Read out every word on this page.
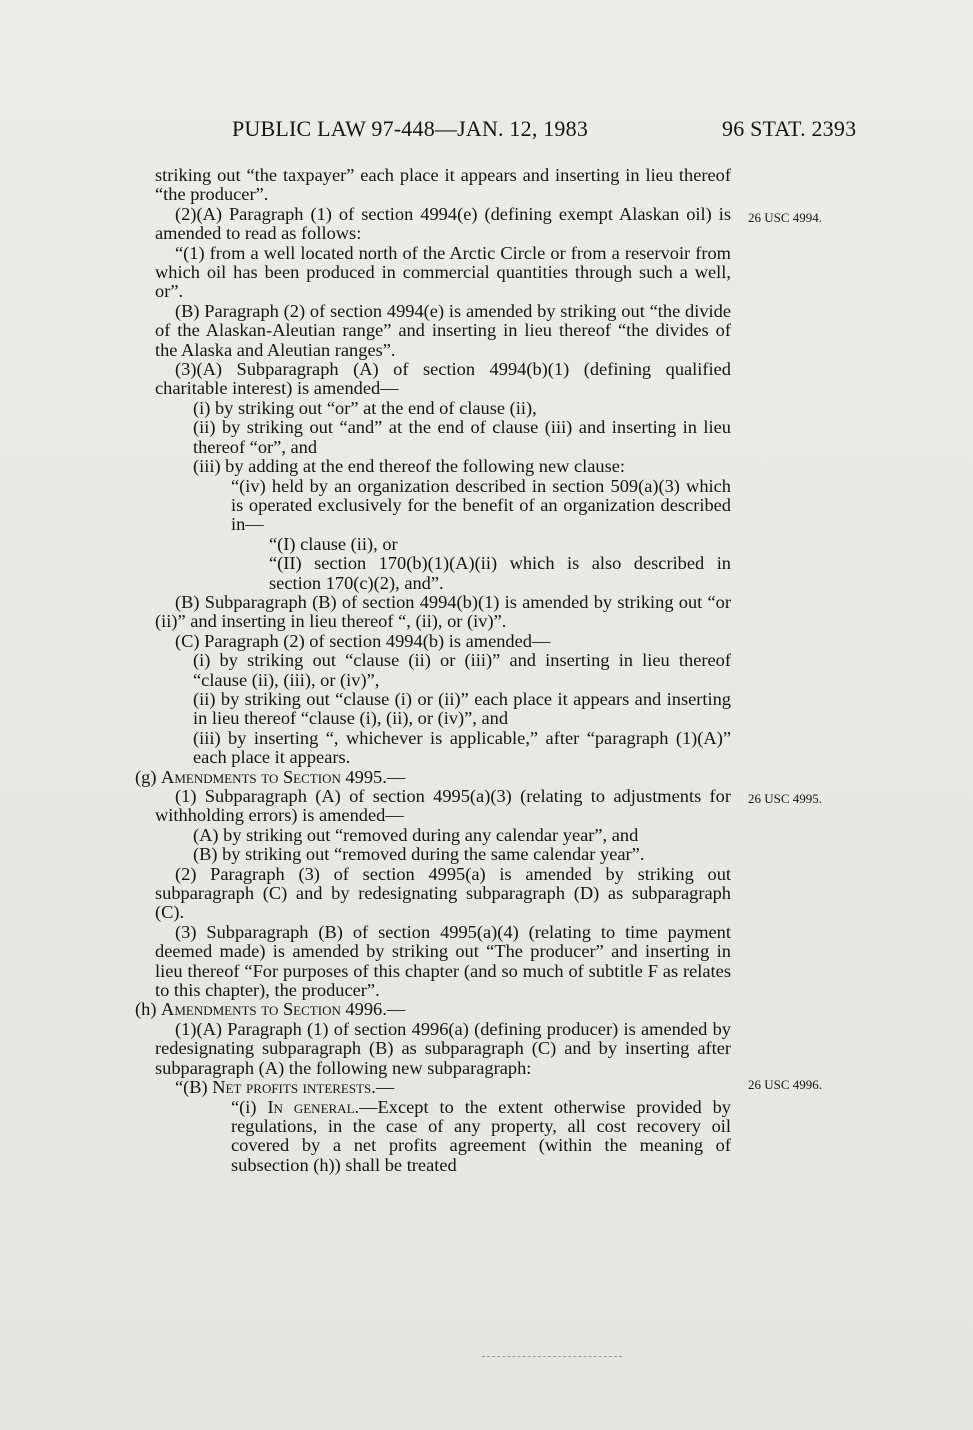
PUBLIC LAW 97-448—JAN. 12, 1983	96 STAT. 2393
26 USC 4994.
26 USC 4995.
26 USC 4996.

striking out “the taxpayer” each place it appears and inserting in lieu thereof “the producer”.

(2)(A) Paragraph (1) of section 4994(e) (defining exempt Alaskan oil) is amended to read as follows:

“(1) from a well located north of the Arctic Circle or from a reservoir from which oil has been produced in commercial quantities through such a well, or”.

(B) Paragraph (2) of section 4994(e) is amended by striking out “the divide of the Alaskan-Aleutian range” and inserting in lieu thereof “the divides of the Alaska and Aleutian ranges”.

(3)(A) Subparagraph (A) of section 4994(b)(1) (defining qualified charitable interest) is amended—

(i) by striking out “or” at the end of clause (ii),

(ii) by striking out “and” at the end of clause (iii) and inserting in lieu thereof “or”, and

(iii) by adding at the end thereof the following new clause:

“(iv) held by an organization described in section 509(a)(3) which is operated exclusively for the benefit of an organization described in—

“(I) clause (ii), or

“(II) section 170(b)(1)(A)(ii) which is also described in section 170(c)(2), and”.

(B) Subparagraph (B) of section 4994(b)(1) is amended by striking out “or (ii)” and inserting in lieu thereof “, (ii), or (iv)”.

(C) Paragraph (2) of section 4994(b) is amended—

(i) by striking out “clause (ii) or (iii)” and inserting in lieu thereof “clause (ii), (iii), or (iv)”,

(ii) by striking out “clause (i) or (ii)” each place it appears and inserting in lieu thereof “clause (i), (ii), or (iv)”, and

(iii) by inserting “, whichever is applicable,” after “paragraph (1)(A)” each place it appears.

(g) Amendments to Section 4995.—

(1) Subparagraph (A) of section 4995(a)(3) (relating to adjustments for withholding errors) is amended—

(A) by striking out “removed during any calendar year”, and

(B) by striking out “removed during the same calendar year”.

(2) Paragraph (3) of section 4995(a) is amended by striking out subparagraph (C) and by redesignating subparagraph (D) as subparagraph (C).

(3) Subparagraph (B) of section 4995(a)(4) (relating to time payment deemed made) is amended by striking out “The producer” and inserting in lieu thereof “For purposes of this chapter (and so much of subtitle F as relates to this chapter), the producer”.

(h) Amendments to Section 4996.—

(1)(A) Paragraph (1) of section 4996(a) (defining producer) is amended by redesignating subparagraph (B) as subparagraph (C) and by inserting after subparagraph (A) the following new subparagraph:

“(B) Net profits interests.—

“(i) In general.—Except to the extent otherwise provided by regulations, in the case of any property, all cost recovery oil covered by a net profits agreement (within the meaning of subsection (h)) shall be treated
